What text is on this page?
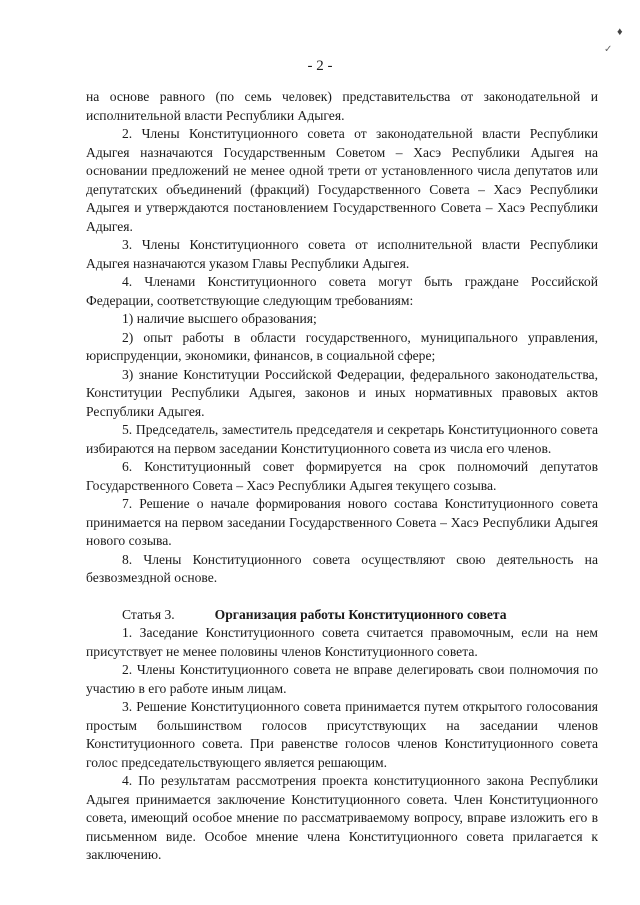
♦
✓
- 2 -

на основе равного (по семь человек) представительства от законодательной и исполнительной власти Республики Адыгея.

2. Члены Конституционного совета от законодательной власти Республики Адыгея назначаются Государственным Советом – Хасэ Республики Адыгея на основании предложений не менее одной трети от установленного числа депутатов или депутатских объединений (фракций) Государственного Совета – Хасэ Республики Адыгея и утверждаются постановлением Государственного Совета – Хасэ Республики Адыгея.

3. Члены Конституционного совета от исполнительной власти Республики Адыгея назначаются указом Главы Республики Адыгея.

4. Членами Конституционного совета могут быть граждане Российской Федерации, соответствующие следующим требованиям:

1) наличие высшего образования;

2) опыт работы в области государственного, муниципального управления, юриспруденции, экономики, финансов, в социальной сфере;

3) знание Конституции Российской Федерации, федерального законодательства, Конституции Республики Адыгея, законов и иных нормативных правовых актов Республики Адыгея.

5. Председатель, заместитель председателя и секретарь Конституционного совета избираются на первом заседании Конституционного совета из числа его членов.

6. Конституционный совет формируется на срок полномочий депутатов Государственного Совета – Хасэ Республики Адыгея текущего созыва.

7. Решение о начале формирования нового состава Конституционного совета принимается на первом заседании Государственного Совета – Хасэ Республики Адыгея нового созыва.

8. Члены Конституционного совета осуществляют свою деятельность на безвозмездной основе.

Статья 3.	Организация работы Конституционного совета

1. Заседание Конституционного совета считается правомочным, если на нем присутствует не менее половины членов Конституционного совета.

2. Члены Конституционного совета не вправе делегировать свои полномочия по участию в его работе иным лицам.

3. Решение Конституционного совета принимается путем открытого голосования простым большинством голосов присутствующих на заседании членов Конституционного совета. При равенстве голосов членов Конституционного совета голос председательствующего является решающим.

4. По результатам рассмотрения проекта конституционного закона Республики Адыгея принимается заключение Конституционного совета. Член Конституционного совета, имеющий особое мнение по рассматриваемому вопросу, вправе изложить его в письменном виде. Особое мнение члена Конституционного совета прилагается к заключению.
